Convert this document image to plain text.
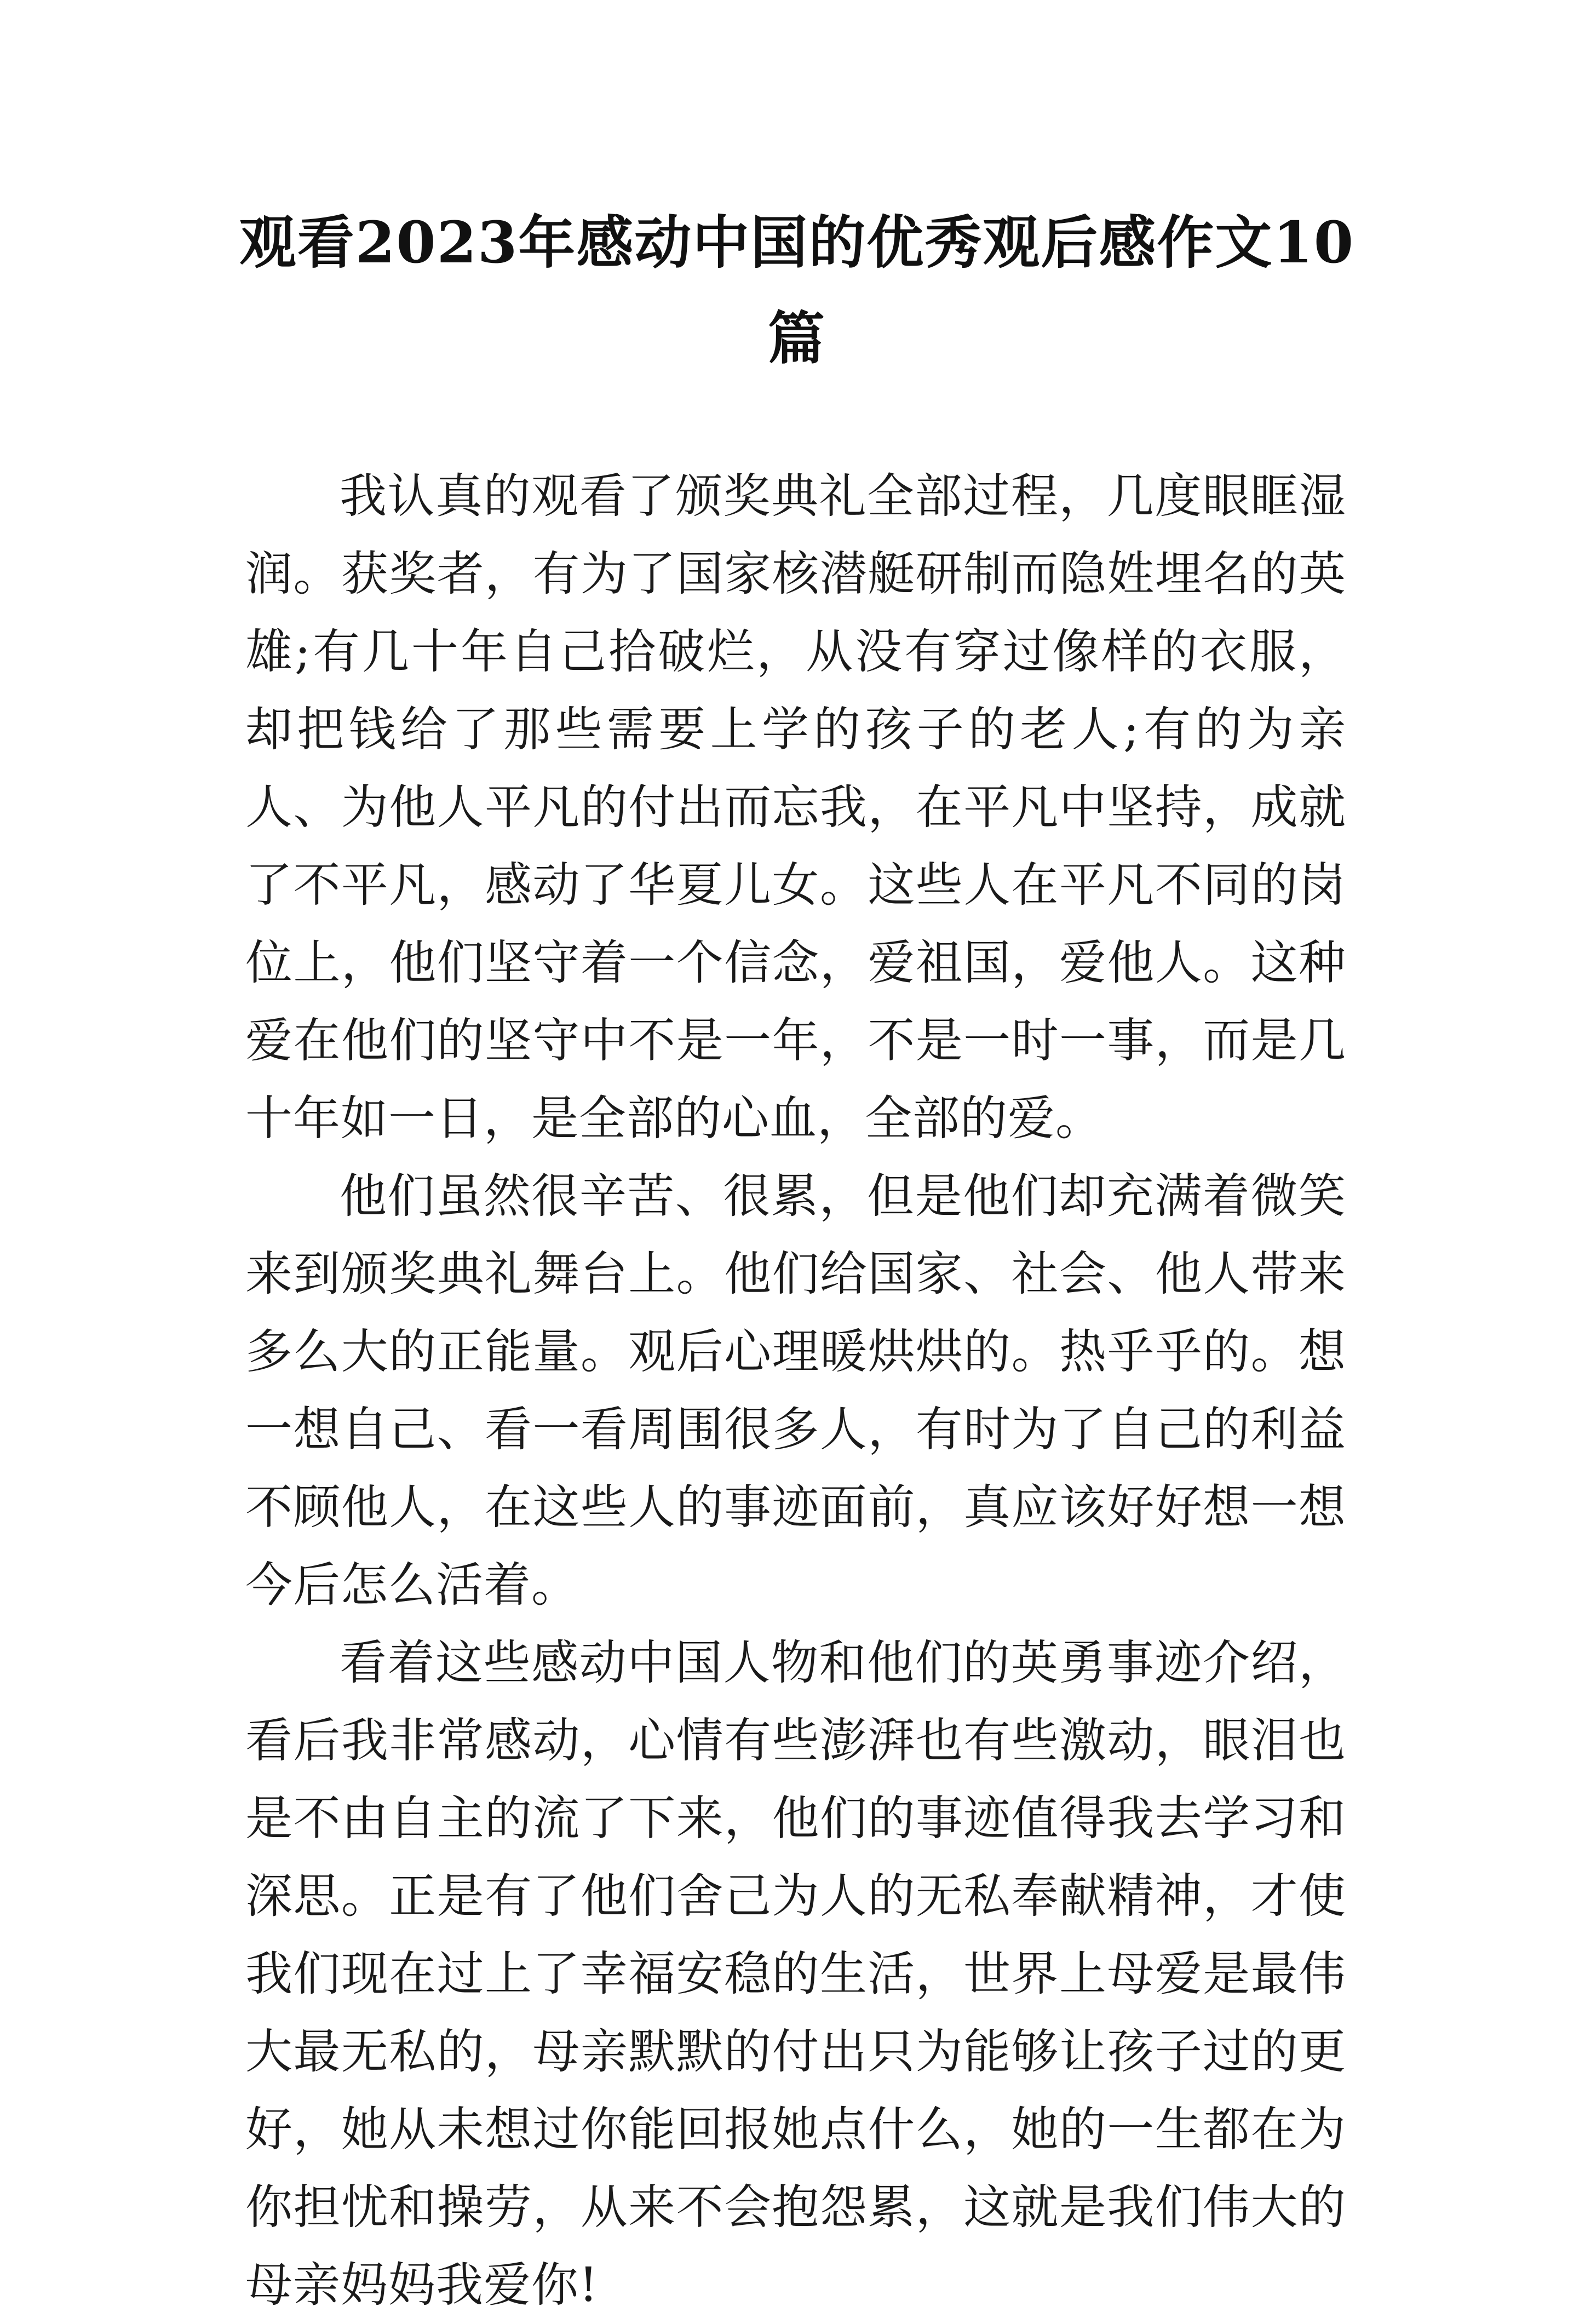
观看2023年感动中国的优秀观后感作文10篇

我认真的观看了颁奖典礼全部过程，几度眼眶湿润。获奖者，有为了国家核潜艇研制而隐姓埋名的英雄;有几十年自己拾破烂，从没有穿过像样的衣服，却把钱给了那些需要上学的孩子的老人;有的为亲人、为他人平凡的付出而忘我，在平凡中坚持，成就了不平凡，感动了华夏儿女。这些人在平凡不同的岗位上，他们坚守着一个信念，爱祖国，爱他人。这种爱在他们的坚守中不是一年，不是一时一事，而是几十年如一日，是全部的心血，全部的爱。

他们虽然很辛苦、很累，但是他们却充满着微笑来到颁奖典礼舞台上。他们给国家、社会、他人带来多么大的正能量。观后心理暖烘烘的。热乎乎的。想一想自己、看一看周围很多人，有时为了自己的利益不顾他人，在这些人的事迹面前，真应该好好想一想今后怎么活着。

看着这些感动中国人物和他们的英勇事迹介绍，看后我非常感动，心情有些澎湃也有些激动，眼泪也是不由自主的流了下来，他们的事迹值得我去学习和深思。正是有了他们舍己为人的无私奉献精神，才使我们现在过上了幸福安稳的生活，世界上母爱是最伟大最无私的，母亲默默的付出只为能够让孩子过的更好，她从未想过你能回报她点什么，她的一生都在为你担忧和操劳，从来不会抱怨累，这就是我们伟大的母亲妈妈我爱你!
